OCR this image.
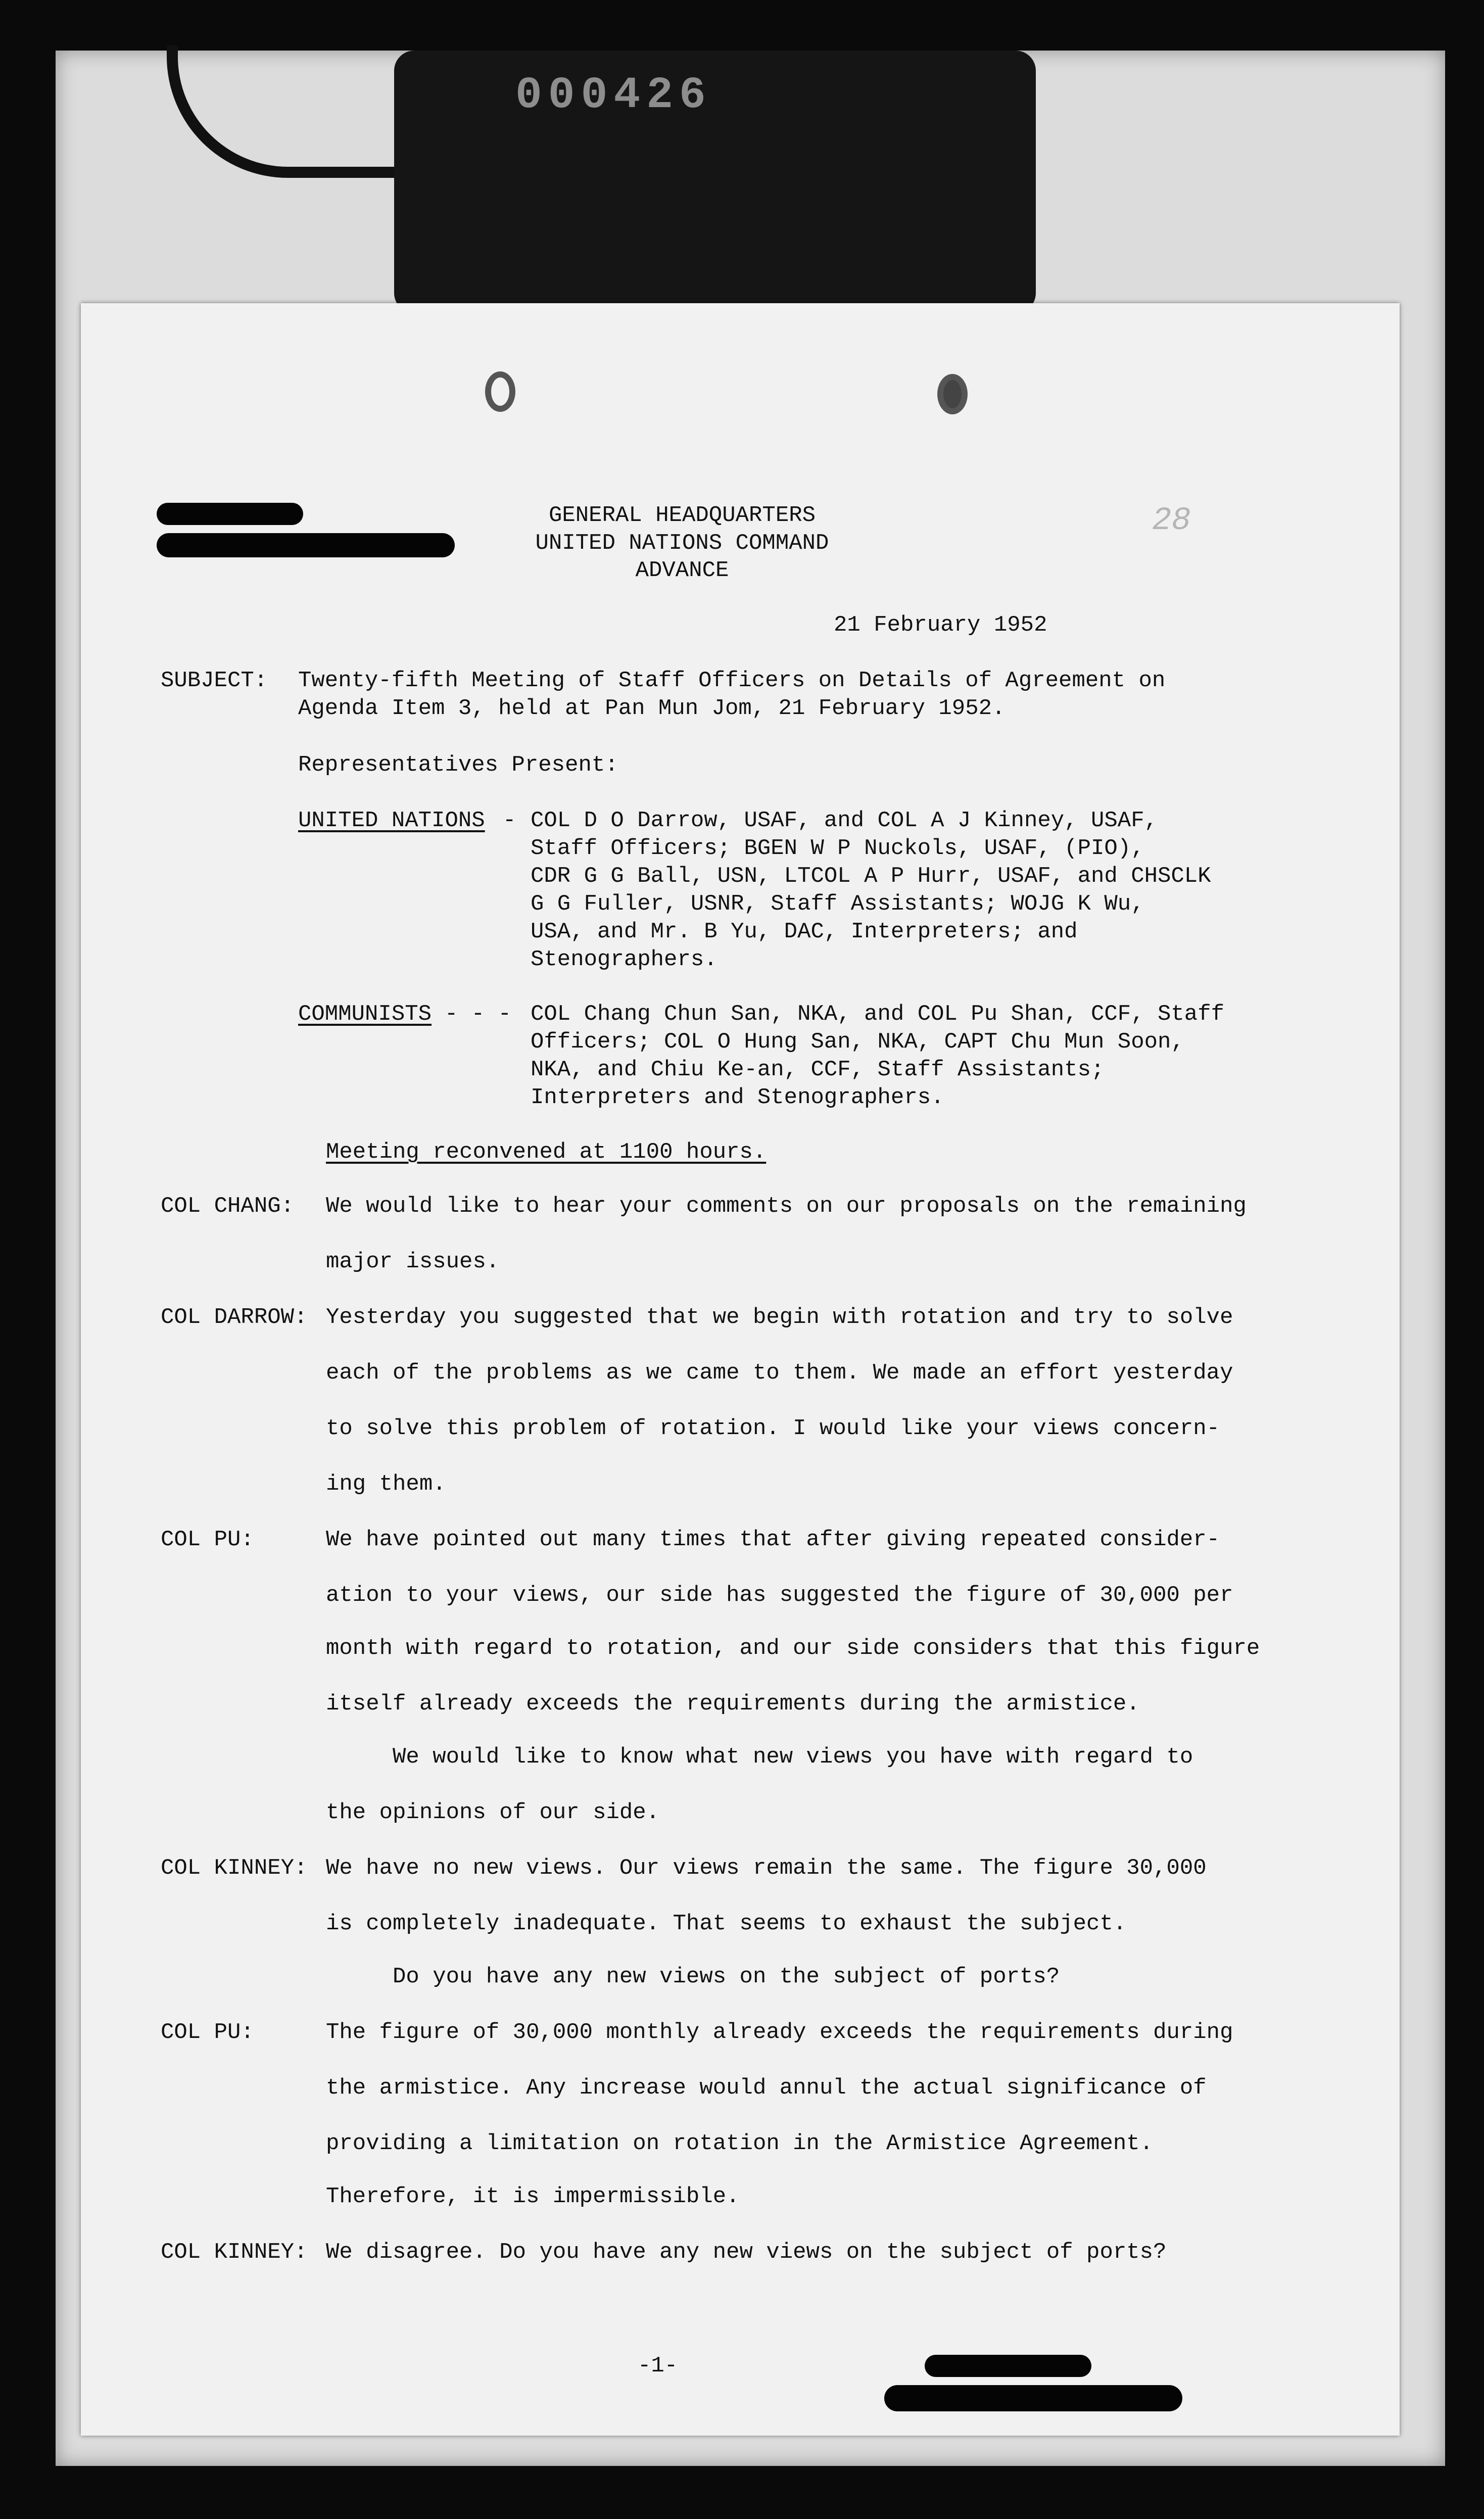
000426
28
GENERAL HEADQUARTERS
UNITED NATIONS COMMAND
ADVANCE
21 February 1952
SUBJECT: Twenty-fifth Meeting of Staff Officers on Details of Agreement on
Agenda Item 3, held at Pan Mun Jom, 21 February 1952.
Representatives Present:
UNITED NATIONS - COL D O Darrow, USAF, and COL A J Kinney, USAF,
Staff Officers; BGEN W P Nuckols, USAF, (PIO),
CDR G G Ball, USN, LTCOL A P Hurr, USAF, and CHSCLK
G G Fuller, USNR, Staff Assistants; WOJG K Wu,
USA, and Mr. B Yu, DAC, Interpreters; and
Stenographers.
COMMUNISTS - - - COL Chang Chun San, NKA, and COL Pu Shan, CCF, Staff
Officers; COL O Hung San, NKA, CAPT Chu Mun Soon,
NKA, and Chiu Ke-an, CCF, Staff Assistants;
Interpreters and Stenographers.
Meeting reconvened at 1100 hours.
COL CHANG: We would like to hear your comments on our proposals on the remaining
major issues.
COL DARROW: Yesterday you suggested that we begin with rotation and try to solve
each of the problems as we came to them. We made an effort yesterday
to solve this problem of rotation. I would like your views concern-
ing them.
COL PU:	We have pointed out many times that after giving repeated consider-
ation to your views, our side has suggested the figure of 30,000 per
month with regard to rotation, and our side considers that this figure
itself already exceeds the requirements during the armistice.
We would like to know what new views you have with regard to
the opinions of our side.
COL KINNEY: We have no new views. Our views remain the same. The figure 30,000
is completely inadequate. That seems to exhaust the subject.
Do you have any new views on the subject of ports?
COL PU:	The figure of 30,000 monthly already exceeds the requirements during
the armistice. Any increase would annul the actual significance of
providing a limitation on rotation in the Armistice Agreement.
Therefore, it is impermissible.
COL KINNEY: We disagree. Do you have any new views on the subject of ports?
-1-
